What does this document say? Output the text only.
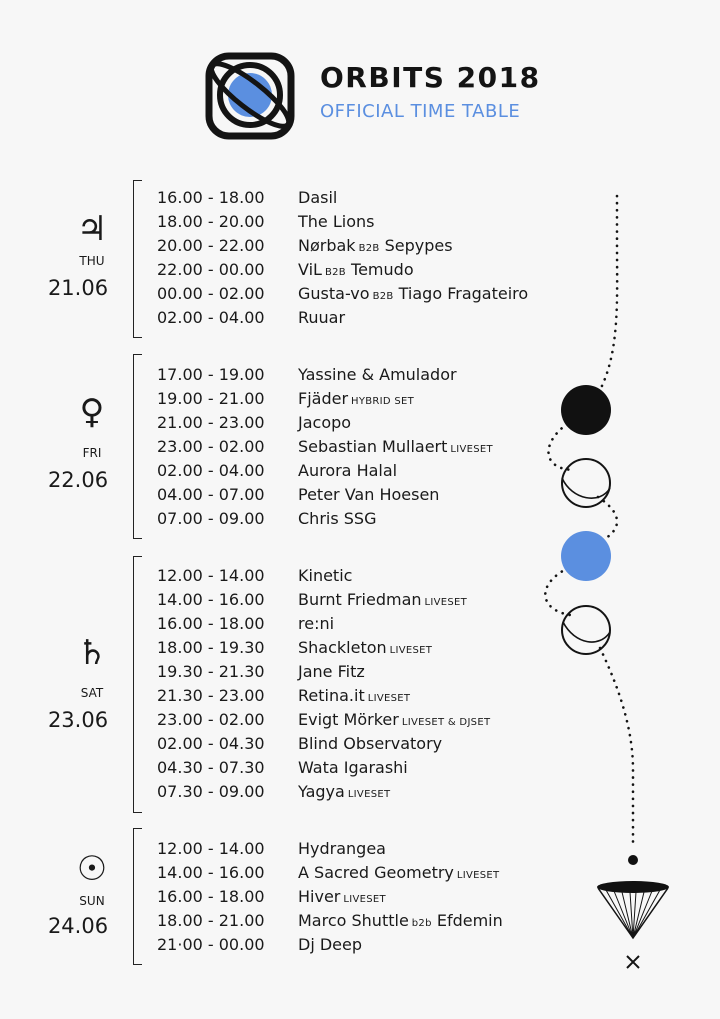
ORBITS 2018
OFFICIAL TIME TABLE
♃
THU
21.06
16.00 - 18.00 Dasil
18.00 - 20.00 The Lions
20.00 - 22.00 Nørbak B2B Sepypes
22.00 - 00.00 ViL B2B Temudo
00.00 - 02.00 Gusta-vo B2B Tiago Fragateiro
02.00 - 04.00 Ruuar
♀
FRI
22.06
17.00 - 19.00 Yassine & Amulador
19.00 - 21.00 Fjäder HYBRID SET
21.00 - 23.00 Jacopo
23.00 - 02.00 Sebastian Mullaert LIVESET
02.00 - 04.00 Aurora Halal
04.00 - 07.00 Peter Van Hoesen
07.00 - 09.00 Chris SSG
♄
SAT
23.06
12.00 - 14.00 Kinetic
14.00 - 16.00 Burnt Friedman LIVESET
16.00 - 18.00 re:ni
18.00 - 19.30 Shackleton LIVESET
19.30 - 21.30 Jane Fitz
21.30 - 23.00 Retina.it LIVESET
23.00 - 02.00 Evigt Mörker LIVESET & DJSET
02.00 - 04.30 Blind Observatory
04.30 - 07.30 Wata Igarashi
07.30 - 09.00 Yagya LIVESET
☉
SUN
24.06
12.00 - 14.00 Hydrangea
14.00 - 16.00 A Sacred Geometry LIVESET
16.00 - 18.00 Hiver LIVESET
18.00 - 21.00 Marco Shuttle b2b Efdemin
21·00 - 00.00 Dj Deep
